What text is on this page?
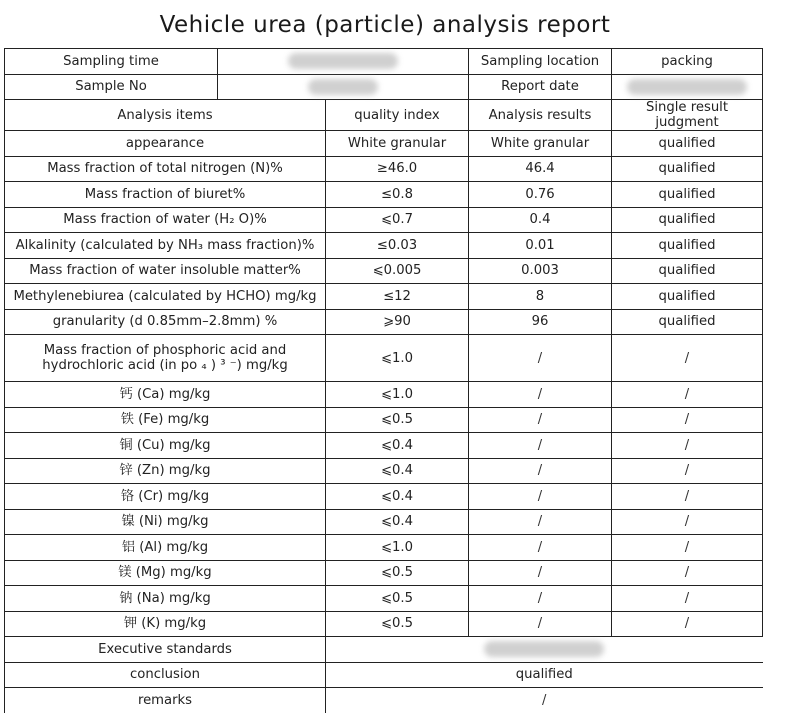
Vehicle urea (particle) analysis report
Sampling time			Sampling location	packing
Sample No			Report date	
Analysis items		quality index	Analysis results	Single result judgment
appearance		White granular	White granular	qualified
Mass fraction of total nitrogen (N)%		≥46.0	46.4	qualified
Mass fraction of biuret%		≤0.8	0.76	qualified
Mass fraction of water (H₂ O)%		⩽0.7	0.4	qualified
Alkalinity (calculated by NH₃ mass fraction)%		≤0.03	0.01	qualified
Mass fraction of water insoluble matter%		⩽0.005	0.003	qualified
Methylenebiurea (calculated by HCHO) mg/kg		≤12	8	qualified
granularity (d 0.85mm–2.8mm) %		⩾90	96	qualified
Mass fraction of phosphoric acid and hydrochloric acid (in po ₄ ) ³ ⁻) mg/kg		⩽1.0	/	/
钙 (Ca) mg/kg		⩽1.0	/	/
铁 (Fe) mg/kg		⩽0.5	/	/
铜 (Cu) mg/kg		⩽0.4	/	/
锌 (Zn) mg/kg		⩽0.4	/	/
铬 (Cr) mg/kg		⩽0.4	/	/
镍 (Ni) mg/kg		⩽0.4	/	/
铝 (Al) mg/kg		⩽1.0	/	/
镁 (Mg) mg/kg		⩽0.5	/	/
钠 (Na) mg/kg		⩽0.5	/	/
钾 (K) mg/kg		⩽0.5	/	/
Executive standards				
conclusion		qualified		
remarks		/		
